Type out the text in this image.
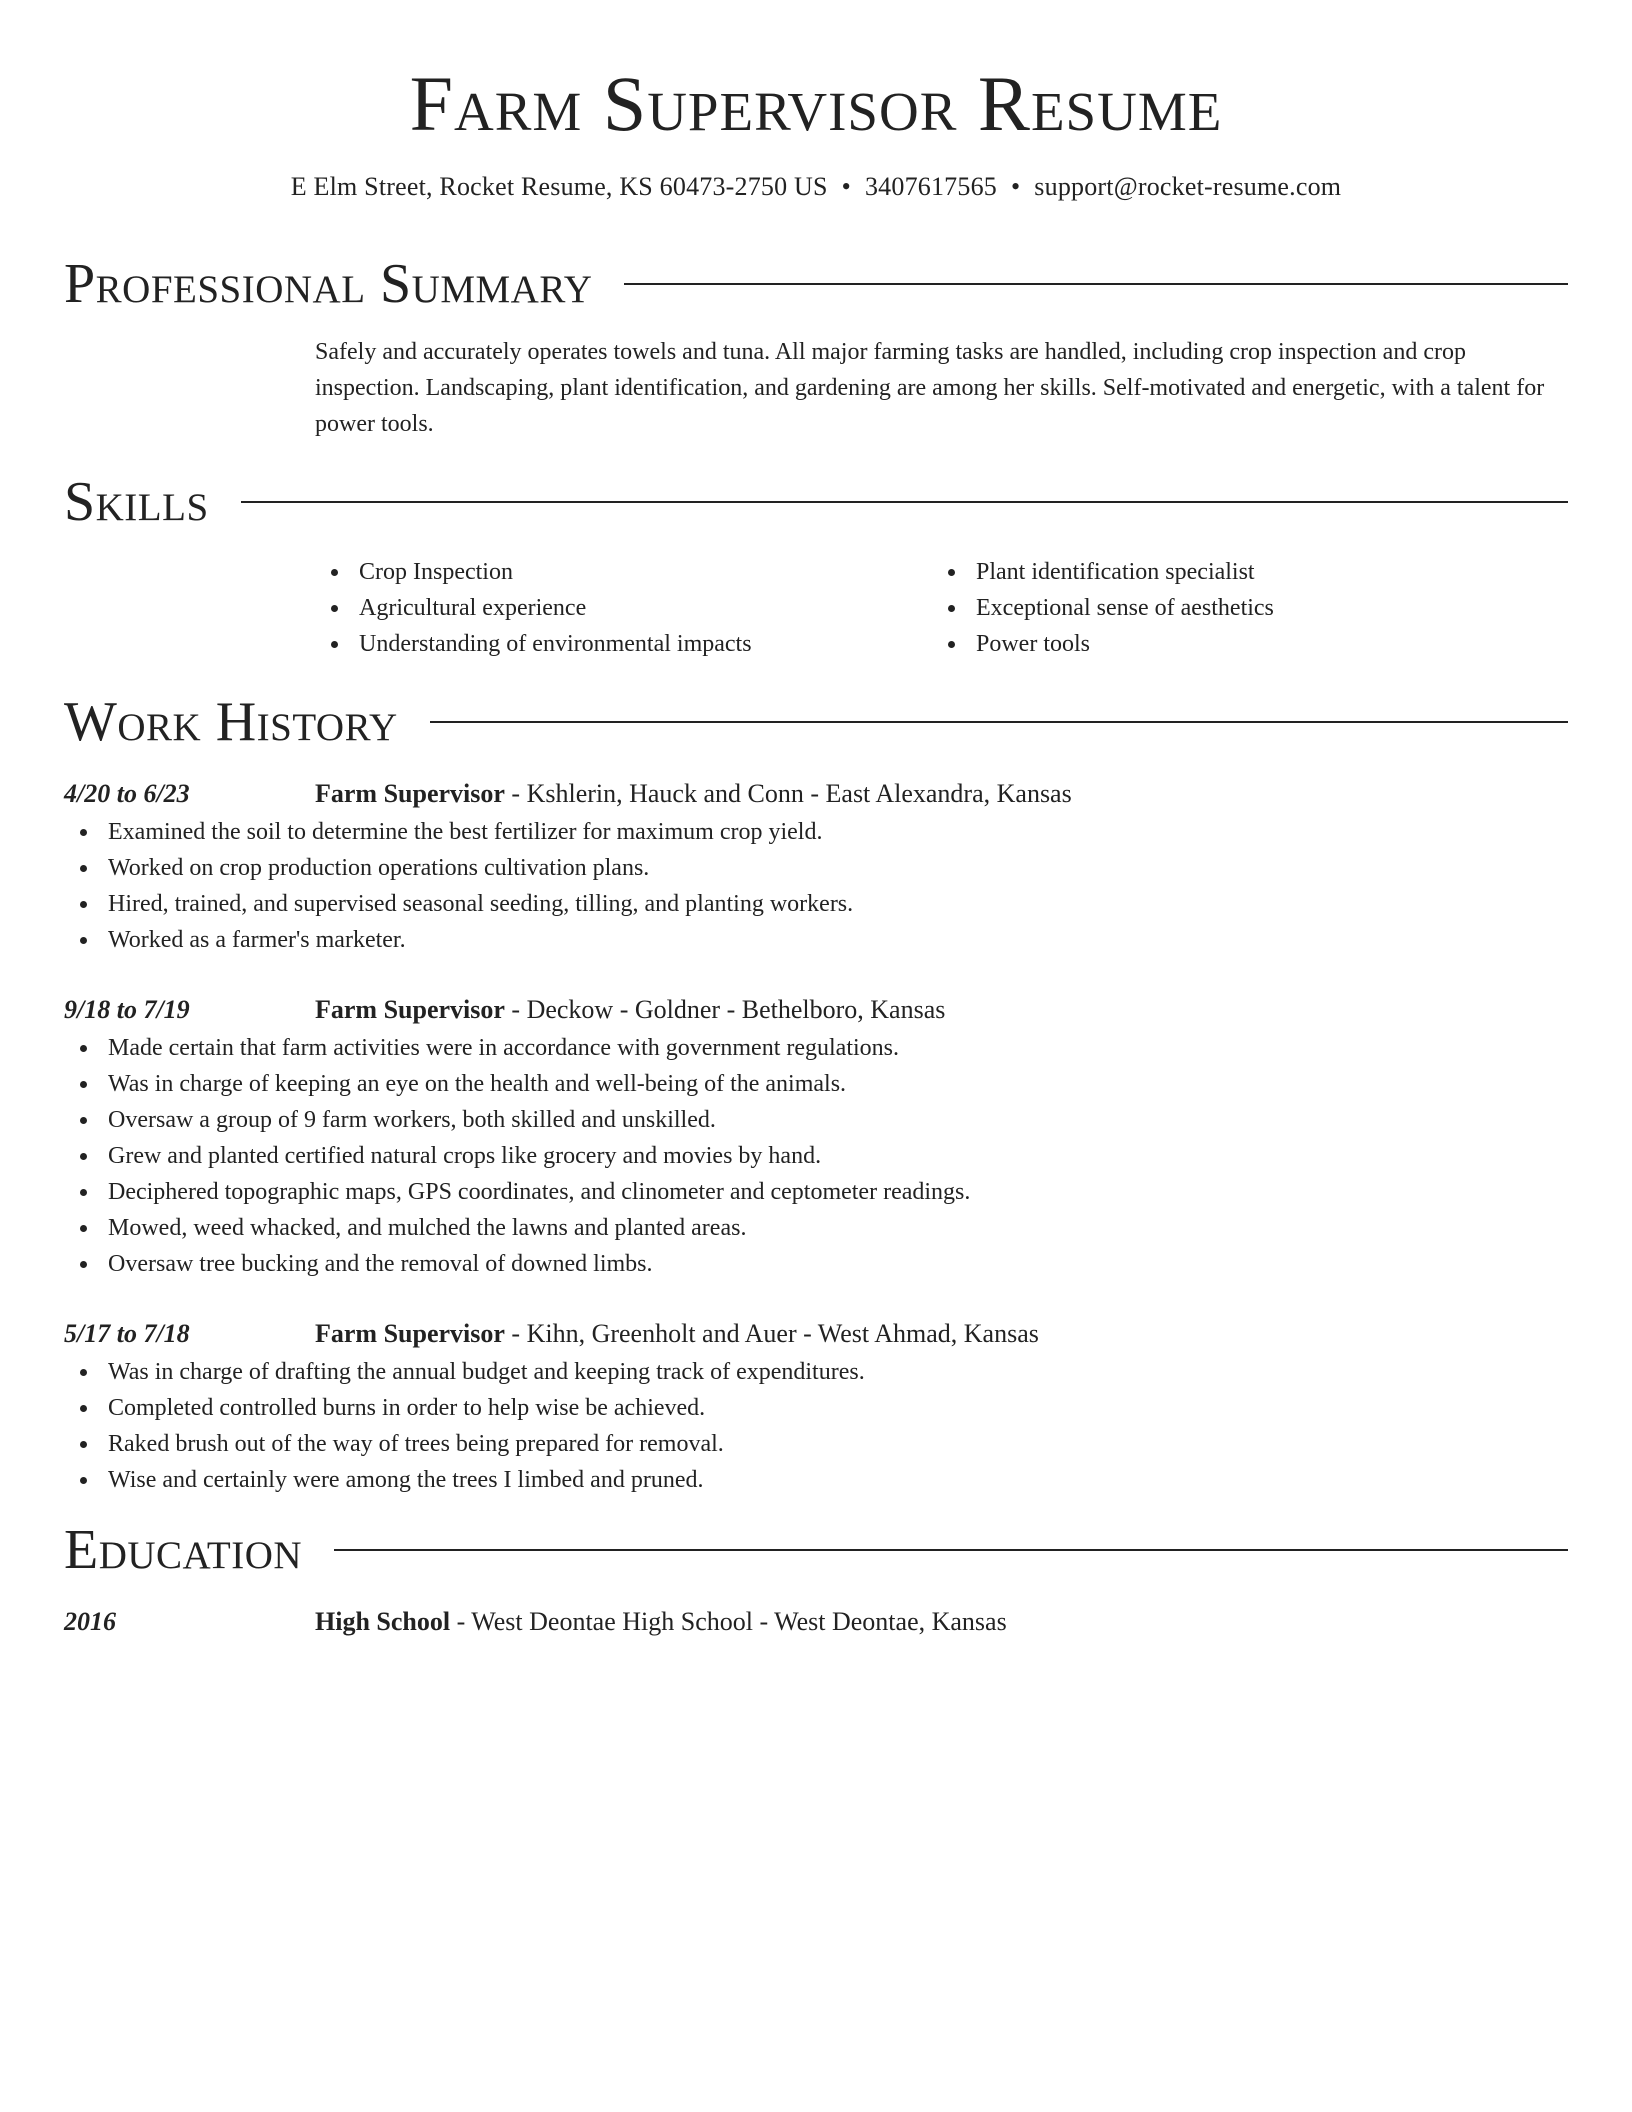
Farm Supervisor Resume
E Elm Street, Rocket Resume, KS 60473-2750 US • 3407617565 • support@rocket-resume.com
Professional Summary
Safely and accurately operates towels and tuna. All major farming tasks are handled, including crop inspection and crop inspection. Landscaping, plant identification, and gardening are among her skills. Self-motivated and energetic, with a talent for power tools.
Skills
Crop Inspection
Agricultural experience
Understanding of environmental impacts
Plant identification specialist
Exceptional sense of aesthetics
Power tools
Work History
4/20 to 6/23	Farm Supervisor - Kshlerin, Hauck and Conn - East Alexandra, Kansas
Examined the soil to determine the best fertilizer for maximum crop yield.
Worked on crop production operations cultivation plans.
Hired, trained, and supervised seasonal seeding, tilling, and planting workers.
Worked as a farmer's marketer.
9/18 to 7/19	Farm Supervisor - Deckow - Goldner - Bethelboro, Kansas
Made certain that farm activities were in accordance with government regulations.
Was in charge of keeping an eye on the health and well-being of the animals.
Oversaw a group of 9 farm workers, both skilled and unskilled.
Grew and planted certified natural crops like grocery and movies by hand.
Deciphered topographic maps, GPS coordinates, and clinometer and ceptometer readings.
Mowed, weed whacked, and mulched the lawns and planted areas.
Oversaw tree bucking and the removal of downed limbs.
5/17 to 7/18	Farm Supervisor - Kihn, Greenholt and Auer - West Ahmad, Kansas
Was in charge of drafting the annual budget and keeping track of expenditures.
Completed controlled burns in order to help wise be achieved.
Raked brush out of the way of trees being prepared for removal.
Wise and certainly were among the trees I limbed and pruned.
Education
2016	High School - West Deontae High School - West Deontae, Kansas
